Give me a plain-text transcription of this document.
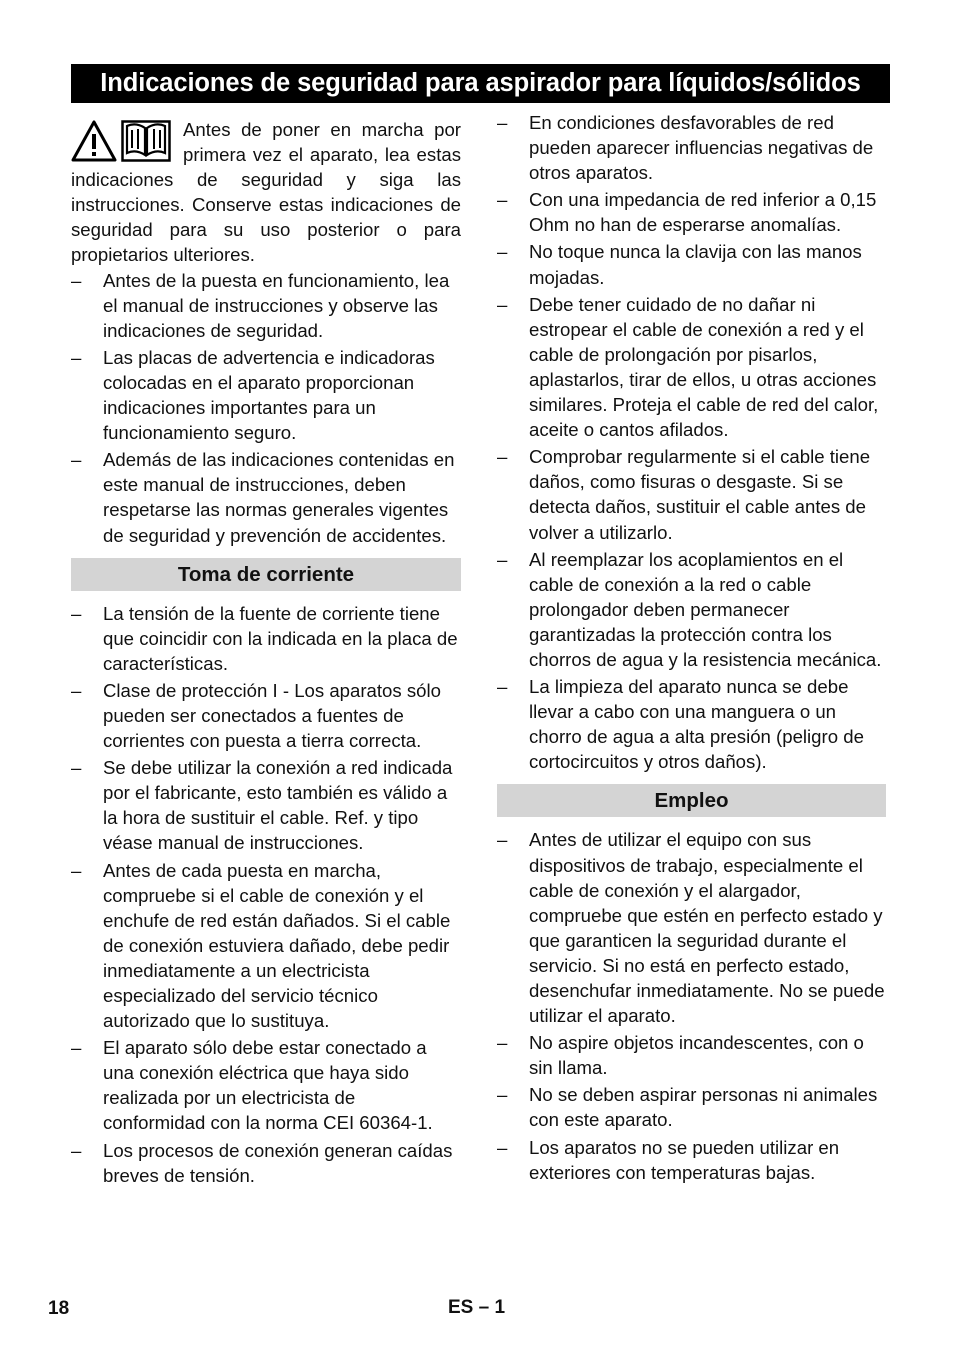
Indicaciones de seguridad para aspirador para líquidos/sólidos
Antes de poner en marcha por primera vez el aparato, lea estas indicaciones de seguridad y siga las instrucciones. Conserve estas indicaciones de seguridad para su uso posterior o para propietarios ulteriores.
– Antes de la puesta en funcionamiento, lea el manual de instrucciones y observe las indicaciones de seguridad.
– Las placas de advertencia e indicadoras colocadas en el aparato proporcionan indicaciones importantes para un funcionamiento seguro.
– Además de las indicaciones contenidas en este manual de instrucciones, deben respetarse las normas generales vigentes de seguridad y prevención de accidentes.
Toma de corriente
– La tensión de la fuente de corriente tiene que coincidir con la indicada en la placa de características.
– Clase de protección I - Los aparatos sólo pueden ser conectados a fuentes de corrientes con puesta a tierra correcta.
– Se debe utilizar la conexión a red indicada por el fabricante, esto también es válido a la hora de sustituir el cable. Ref. y tipo véase manual de instrucciones.
– Antes de cada puesta en marcha, compruebe si el cable de conexión y el enchufe de red están dañados. Si el cable de conexión estuviera dañado, debe pedir inmediatamente a un electricista especializado del servicio técnico autorizado que lo sustituya.
– El aparato sólo debe estar conectado a una conexión eléctrica que haya sido realizada por un electricista de conformidad con la norma CEI 60364-1.
– Los procesos de conexión generan caídas breves de tensión.
– En condiciones desfavorables de red pueden aparecer influencias negativas de otros aparatos.
– Con una impedancia de red inferior a 0,15 Ohm no han de esperarse anomalías.
– No toque nunca la clavija con las manos mojadas.
– Debe tener cuidado de no dañar ni estropear el cable de conexión a red y el cable de prolongación por pisarlos, aplastarlos, tirar de ellos, u otras acciones similares. Proteja el cable de red del calor, aceite o cantos afilados.
– Comprobar regularmente si el cable tiene daños, como fisuras o desgaste. Si se detecta daños, sustituir el cable antes de volver a utilizarlo.
– Al reemplazar los acoplamientos en el cable de conexión a la red o cable prolongador deben permanecer garantizadas la protección contra los chorros de agua y la resistencia mecánica.
– La limpieza del aparato nunca se debe llevar a cabo con una manguera o un chorro de agua a alta presión (peligro de cortocircuitos y otros daños).
Empleo
– Antes de utilizar el equipo con sus dispositivos de trabajo, especialmente el cable de conexión y el alargador, compruebe que estén en perfecto estado y que garanticen la seguridad durante el servicio. Si no está en perfecto estado, desenchufar inmediatamente. No se puede utilizar el aparato.
– No aspire objetos incandescentes, con o sin llama.
– No se deben aspirar personas ni animales con este aparato.
– Los aparatos no se pueden utilizar en exteriores con temperaturas bajas.
18	ES – 1
